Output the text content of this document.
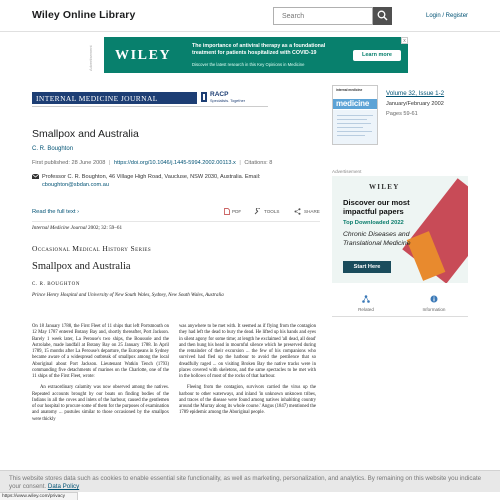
Wiley Online Library	Search	Login / Register
Advertisement	WILEY
The importance of antiviral therapy as a foundational treatment for patients hospitalized with COVID-19
Discover the latest research in this Key Opinions in Medicine
Learn more
x
INTERNAL MEDICINE JOURNAL	RACP
Specialists. Together
Smallpox and Australia
C. R. Boughton
First published: 28 June 2008 | https://doi.org/10.1046/j.1445-5994.2002.00113.x | Citations: 8
Professor C. R. Boughton, 46 Village High Road, Vaucluse, NSW 2030, Australia. Email:
cboughton@sbdan.com.au
Read the full text ›	PDF	TOOLS	SHARE
Internal Medicine Journal 2002; 32: 59–61
Occasional Medical History Series
Smallpox and Australia
C. R. BOUGHTON
Prince Henry Hospital and University of New South Wales, Sydney, New South Wales, Australia

On 18 January 1788, the First Fleet of 11 ships that left Portsmouth on 12 May 1787 entered Botany Bay and, shortly thereafter, Port Jackson. Barely 1 week later, La Perouse's two ships, the Boussole and the Astrolabe, made landfall at Botany Bay on 25 January 1788. In April 1789, 15 months after La Perouse's departure, the Europeans in Sydney became aware of a widespread outbreak of smallpox among the local Aboriginal about Port Jackson. Lieutenant Watkin Tench (1793) commanding five detachments of marines on the Charlotte, one of the 11 ships of the First Fleet, wrote:

An extraordinary calamity was now observed among the natives. Repeated accounts brought by our boats on finding bodies of the Indians in all the coves and inlets of the harbour, caused the gentlemen of our hospital to procure some of them for the purposes of examination and anatomy ... pustules similar to those occasioned by the smallpox were thickly

was anywhere to be met with. It seemed as if flying from the contagion they had left the dead to bury the dead. He lifted up his hands and eyes in silent agony for some time; at length he exclaimed 'all dead, all dead' and then hung his head in mournful silence which he preserved during the remainder of their excursion ... the few of his companions who survived had fled up the harbour to avoid the pestilence that so dreadfully raged ... on visiting Broken Bay the native tracks were in places covered with skeletons, and the same spectacles to be met with in the hollows of most of the rocks of that harbour.

Fleeing from the contagion, survivors carried the virus up the harbour to other waterways, and inland 'in unknown unknown tribes, and traces of the disease were found among natives inhabiting country around the Murray along its whole course.' Angus (1847) mentioned the 1789 epidemic among the Aboriginal people.

internal medicine
medicine
Volume 32, Issue 1-2
January/February 2002
Pages 59-61
Advertisement
WILEY
Discover our most impactful papers
Top Downloaded 2022
Chronic Diseases and Translational Medicine
Start Here
Related	Information
This website stores data such as cookies to enable essential site functionality, as well as marketing, personalization, and analytics. By remaining on this website you indicate your consent. Data Policy
https://www.wiley.com/privacy
